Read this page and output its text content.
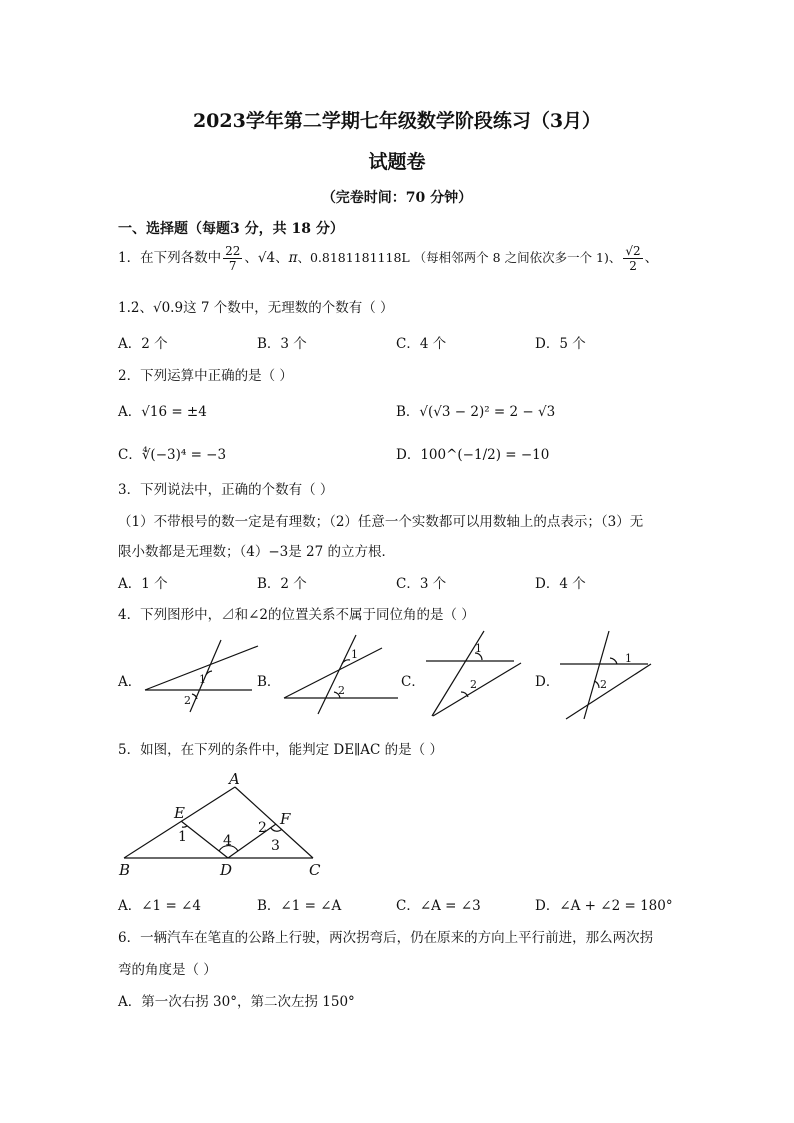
2023学年第二学期七年级数学阶段练习（3月）
试题卷
（完卷时间：70 分钟）
一、选择题（每题3 分，共 18 分）
1．在下列各数中 $\frac{22}{7}$ 、√4、π、0.8181181118L （每相邻两个 8 之间依次多一个 1)、 $\frac{√2}{2}$ 、
1.2̇、√0.9这 7 个数中，无理数的个数有（ ）
A．2 个	B．3 个	C．4 个	D．5 个
2．下列运算中正确的是（ ）
A．√16 = ±4	B．√(√3 − 2)² = 2 − √3
C．∜(−3)⁴ = −3	D．100^(−1/2) = −10
3．下列说法中，正确的个数有（ ）
（1）不带根号的数一定是有理数；（2）任意一个实数都可以用数轴上的点表示；（3）无
限小数都是无理数；（4）−3是 27 的立方根．
A．1 个	B．2 个	C．3 个	D．4 个
4．下列图形中，⊿和∠2的位置关系不属于同位角的是（ ）
A．	B．	C．	D．
1
2
1
2
1
2
1
2
A
E	F
B	D	C
1
2
3
4
5．如图，在下列的条件中，能判定 DE∥AC 的是（ ）
A．∠1 = ∠4	B．∠1 = ∠A	C．∠A = ∠3	D．∠A + ∠2 = 180°
6．一辆汽车在笔直的公路上行驶，两次拐弯后，仍在原来的方向上平行前进，那么两次拐
弯的角度是（ ）
A．第一次右拐 30°，第二次左拐 150°
